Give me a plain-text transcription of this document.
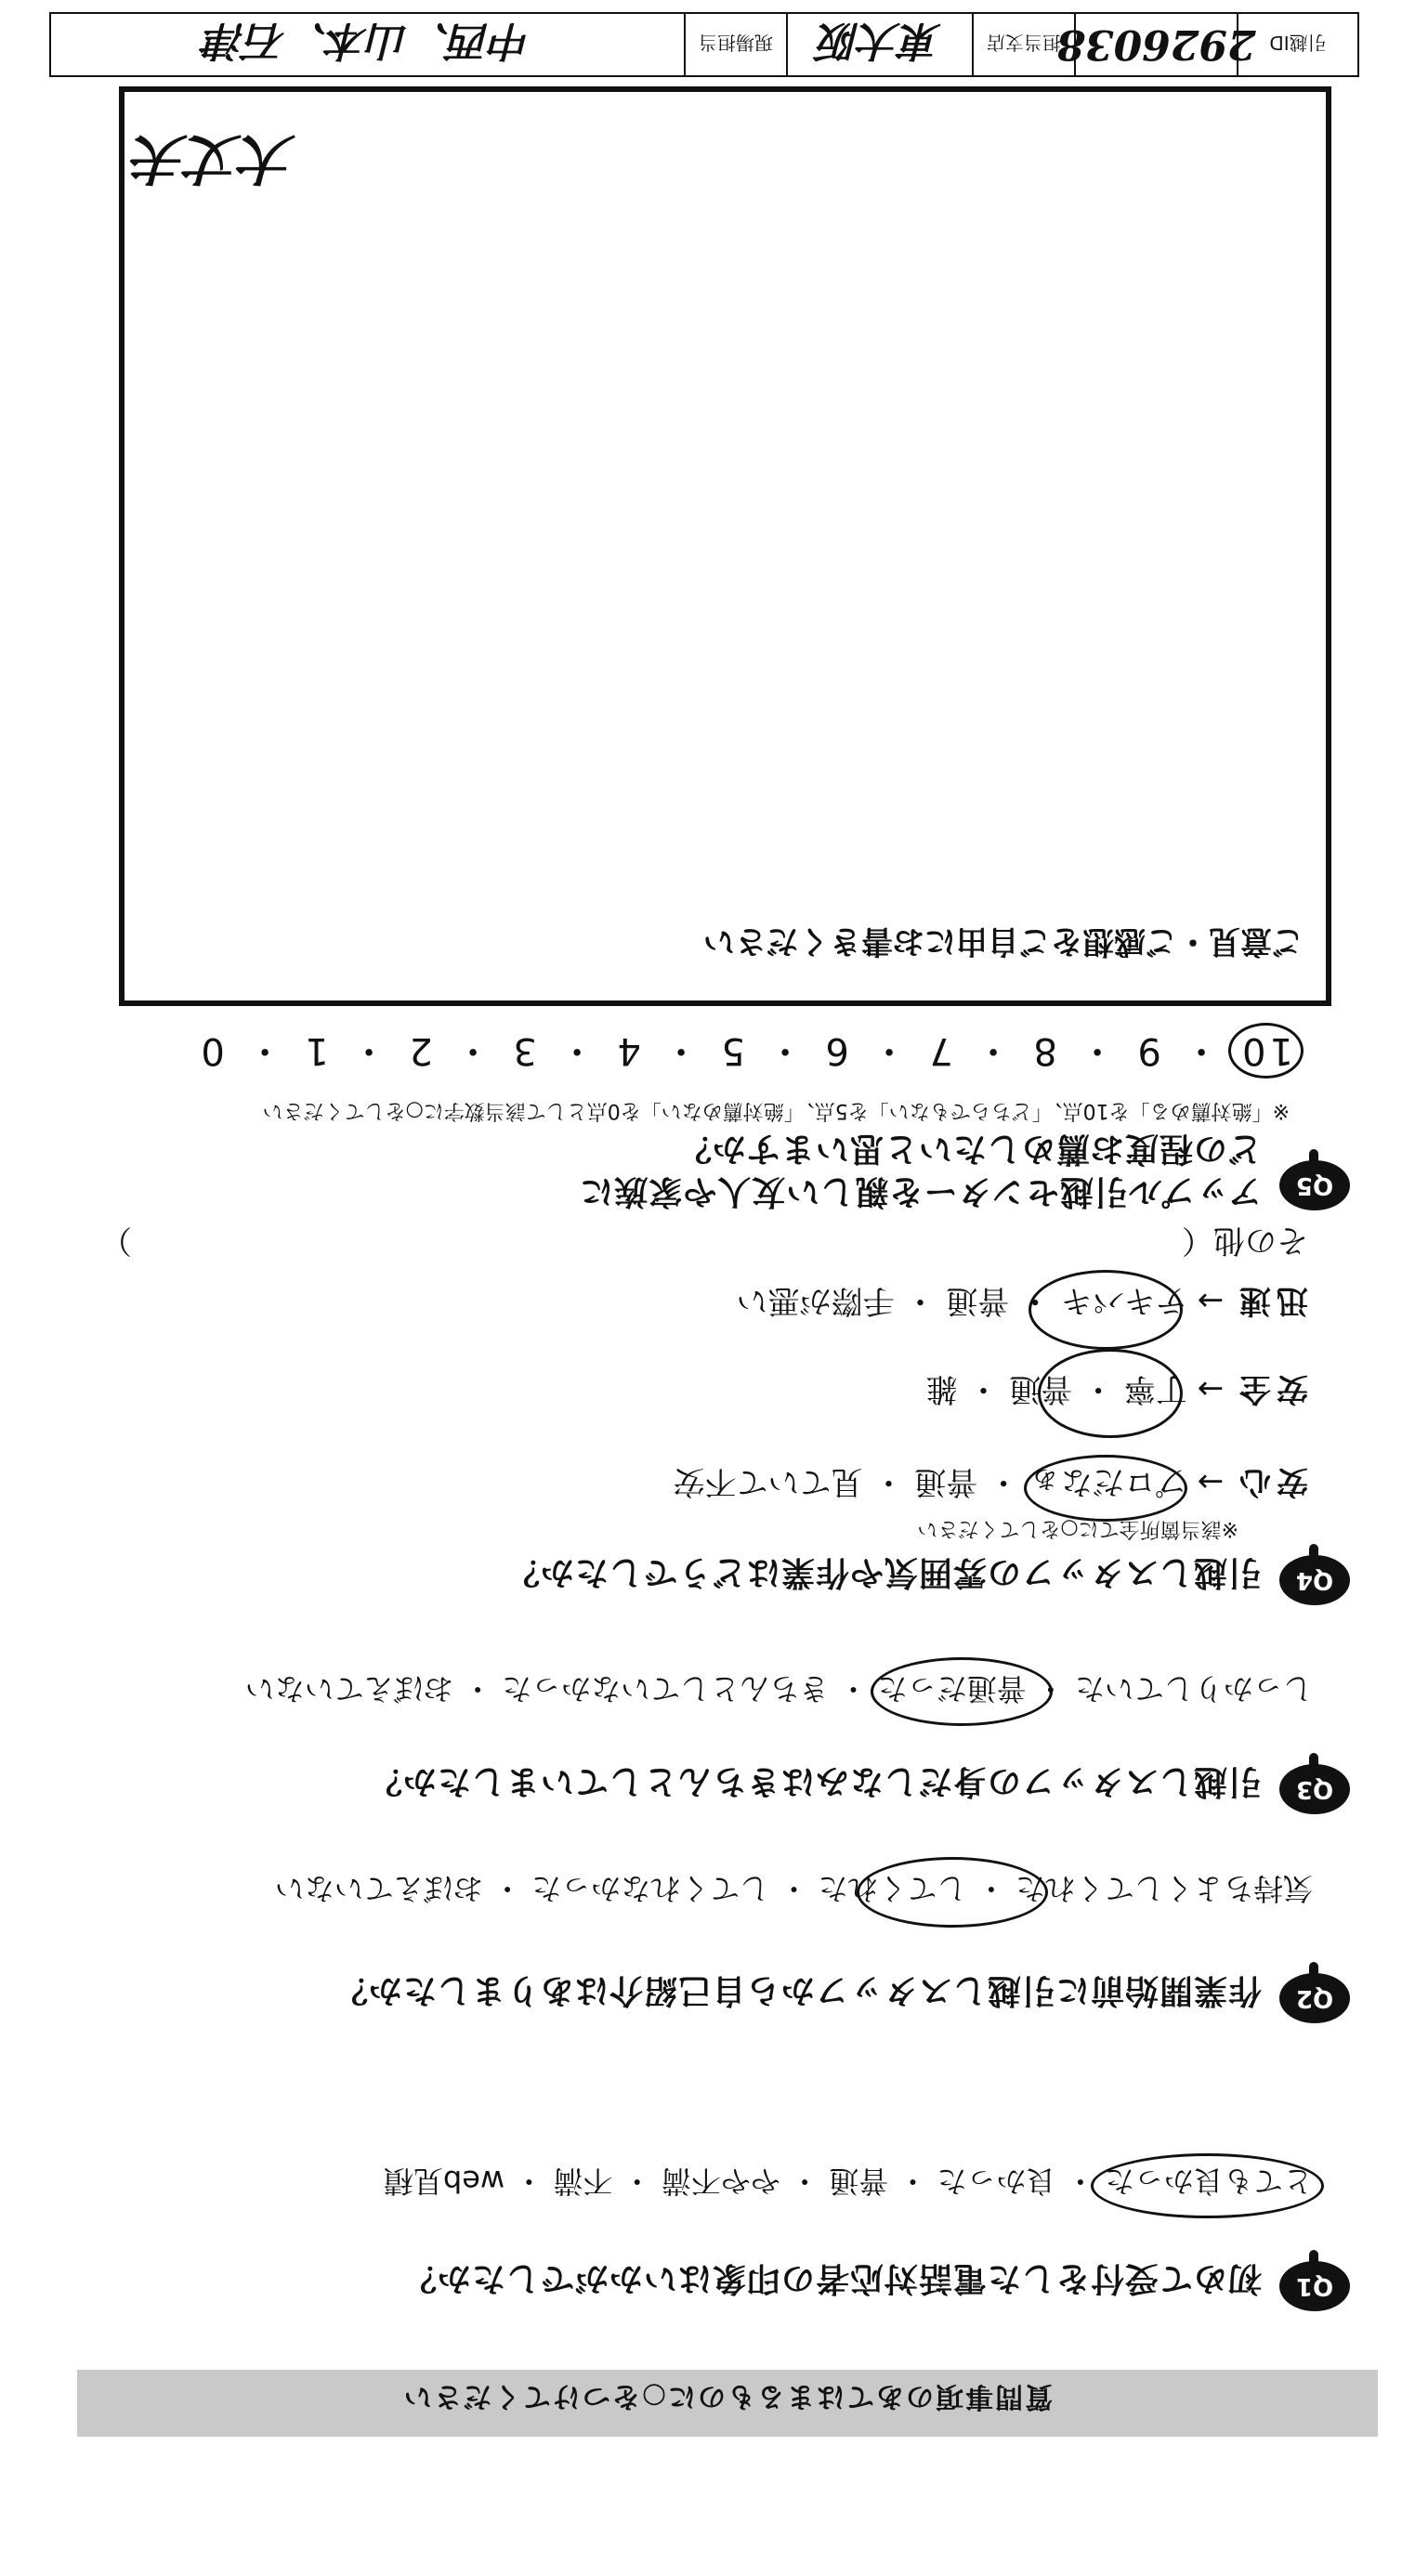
質問事項のあてはまるものに○をつけてください
Q1
初めて受付をした電話対応者の印象はいかがでしたか？
とても良かった ・ 良かった ・ 普通 ・ やや不満 ・ 不満 ・ web見積
Q2
作業開始前に引越しスタッフから自己紹介はありましたか？
気持ちよくしてくれた ・ してくれた ・ してくれなかった ・ おぼえていない
Q3
引越しスタッフの身だしなみはきちんとしていましたか？
しっかりしていた ・ 普通だった ・ きちんとしていなかった ・ おぼえていない
Q4
引越しスタッフの雰囲気や作業はどうでしたか？
※該当箇所全てに○をしてください
安心 → プロだなぁ ・ 普通 ・ 見ていて不安
安全 → 丁寧 ・ 普通 ・ 雑
迅速 → テキパキ ・ 普通 ・ 手際が悪い
その他（
）
Q5
アップル引越センターを親しい友人や家族に
どの程度お薦めしたいと思いますか？
※「絶対薦める」を10点、「どちらでもない」を5点、「絶対薦めない」を0点として該当数字に○をしてください
ご意見・ご感想をご自由にお書きください
大丈夫
引越ID
2926038
担当支店
東大阪
現場担当
中西、山本、石津
10・9・8・7・6・5・4・3・2・1・0
